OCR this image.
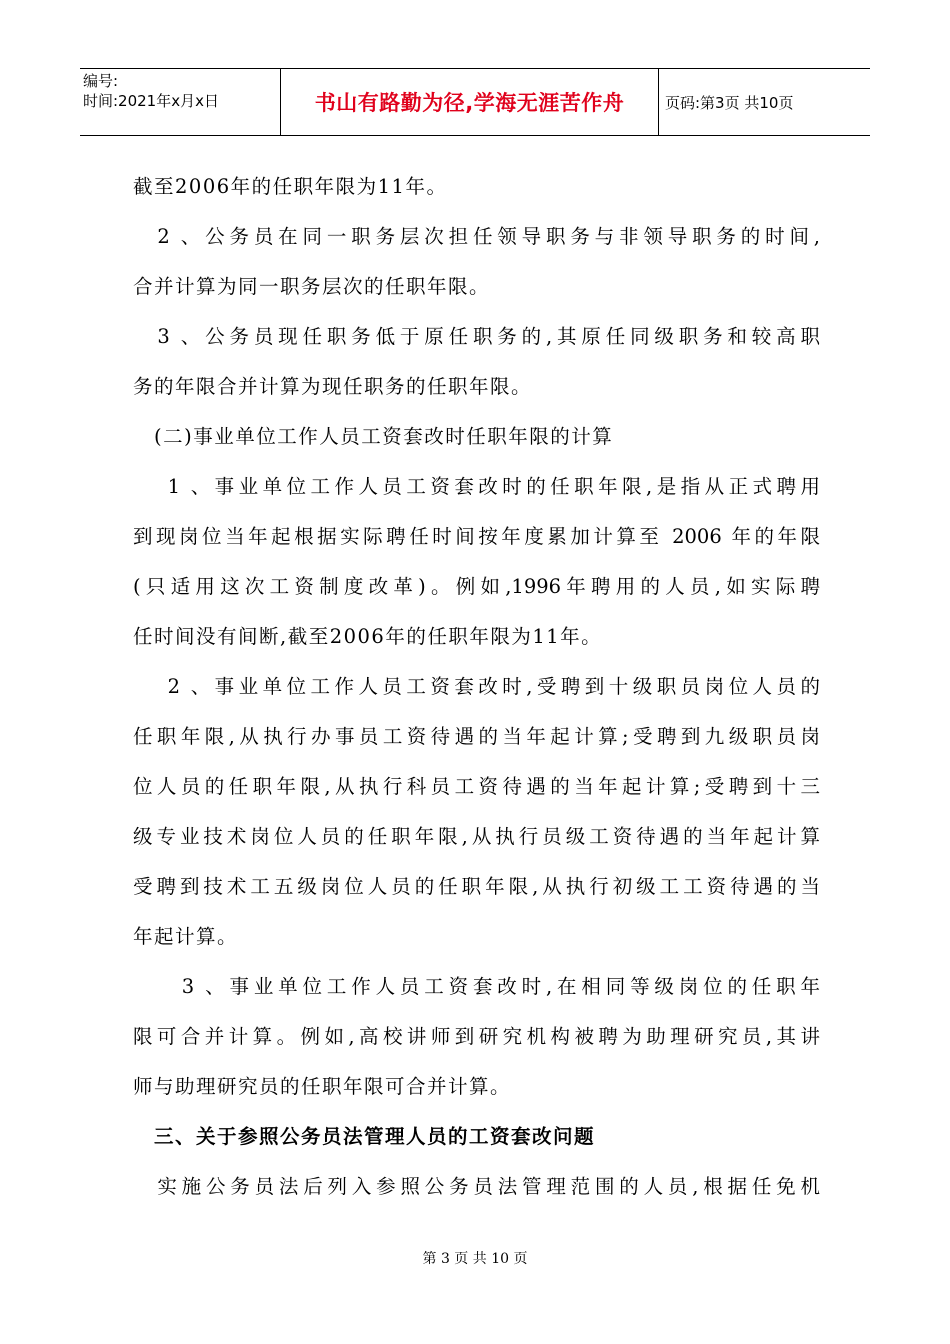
编号:
时间:2021年x月x日	书山有路勤为径,学海无涯苦作舟	页码:第3页 共10页
截至2006年的任职年限为11年。
　2 、公务员在同一职务层次担任领导职务与非领导职务的时间,
合并计算为同一职务层次的任职年限。
　3 、公务员现任职务低于原任职务的,其原任同级职务和较高职
务的年限合并计算为现任职务的任职年限。
　(二)事业单位工作人员工资套改时任职年限的计算
　 1 、事业单位工作人员工资套改时的任职年限,是指从正式聘用
到现岗位当年起根据实际聘任时间按年度累加计算至 2006 年的年限
(只适用这次工资制度改革)。例如,1996年聘用的人员,如实际聘
任时间没有间断,截至2006年的任职年限为11年。
　 2 、事业单位工作人员工资套改时,受聘到十级职员岗位人员的
任职年限,从执行办事员工资待遇的当年起计算;受聘到九级职员岗
位人员的任职年限,从执行科员工资待遇的当年起计算;受聘到十三
级专业技术岗位人员的任职年限,从执行员级工资待遇的当年起计算
受聘到技术工五级岗位人员的任职年限,从执行初级工工资待遇的当
年起计算。
　　3 、事业单位工作人员工资套改时,在相同等级岗位的任职年
限可合并计算。例如,高校讲师到研究机构被聘为助理研究员,其讲
师与助理研究员的任职年限可合并计算。
　三、关于参照公务员法管理人员的工资套改问题
　实施公务员法后列入参照公务员法管理范围的人员,根据任免机
第 3 页 共 10 页
